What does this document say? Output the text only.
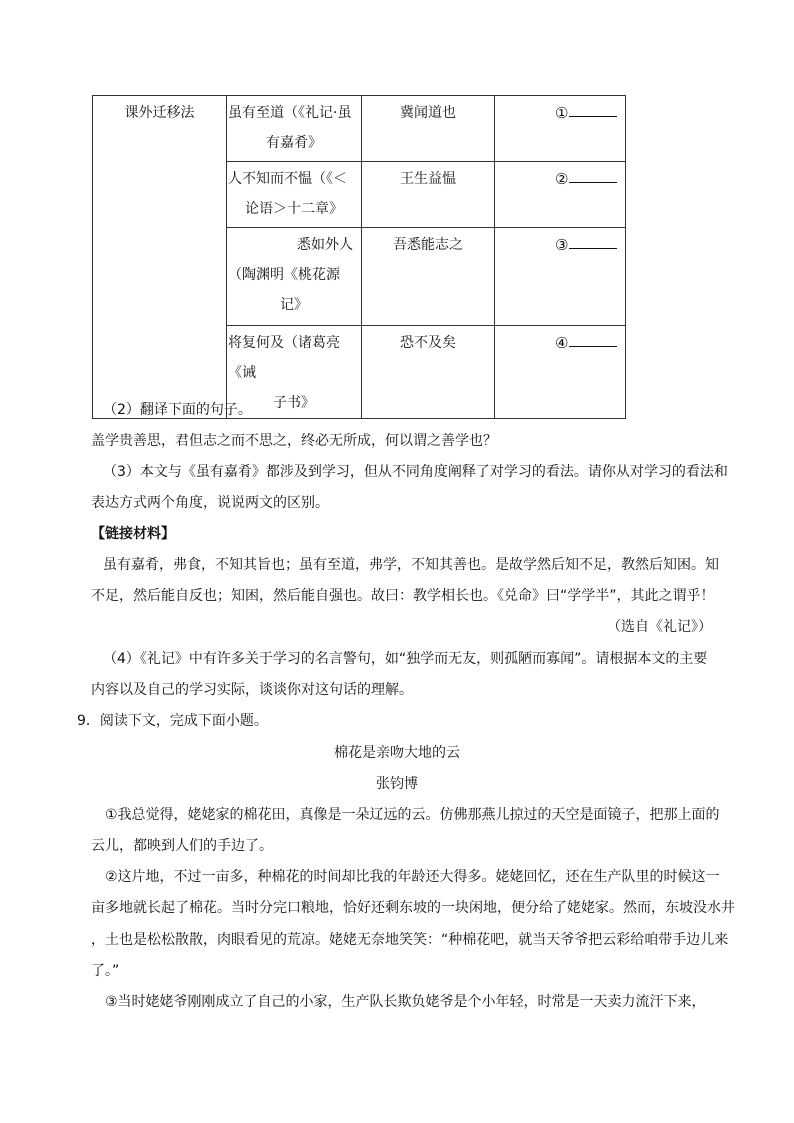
课外迁移法	虽有至道（《礼记·虽
有嘉肴》	冀闻道也	①

	人不知而不愠（《＜
论语＞十二章》	王生益愠	②

	悉如外人
（陶渊明《桃花源
记》	吾悉能志之	③

	将复何及（诸葛亮《诫
子书》	恐不及矣	④
（2）翻译下面的句子。
盖学贵善思，君但志之而不思之，终必无所成，何以谓之善学也？
（3）本文与《虽有嘉肴》都涉及到学习，但从不同角度阐释了对学习的看法。请你从对学习的看法和
表达方式两个角度，说说两文的区别。
【链接材料】
虽有嘉肴，弗食，不知其旨也；虽有至道，弗学，不知其善也。是故学然后知不足，教然后知困。知
不足，然后能自反也；知困，然后能自强也。故曰：教学相长也。《兑命》曰“学学半”，其此之谓乎！
（选自《礼记》）
（4）《礼记》中有许多关于学习的名言警句，如“独学而无友，则孤陋而寡闻”。请根据本文的主要
内容以及自己的学习实际，谈谈你对这句话的理解。
9．阅读下文，完成下面小题。
棉花是亲吻大地的云
张钧博
①我总觉得，姥姥家的棉花田，真像是一朵辽远的云。仿佛那燕儿掠过的天空是面镜子，把那上面的
云儿，都映到人们的手边了。
②这片地，不过一亩多，种棉花的时间却比我的年龄还大得多。姥姥回忆，还在生产队里的时候这一
亩多地就长起了棉花。当时分完口粮地，恰好还剩东坡的一块闲地，便分给了姥姥家。然而，东坡没水井
，土也是松松散散，肉眼看见的荒凉。姥姥无奈地笑笑：“种棉花吧，就当天爷爷把云彩给咱带手边儿来
了。”
③当时姥姥爷刚刚成立了自己的小家，生产队长欺负姥爷是个小年轻，时常是一天卖力流汗下来，
